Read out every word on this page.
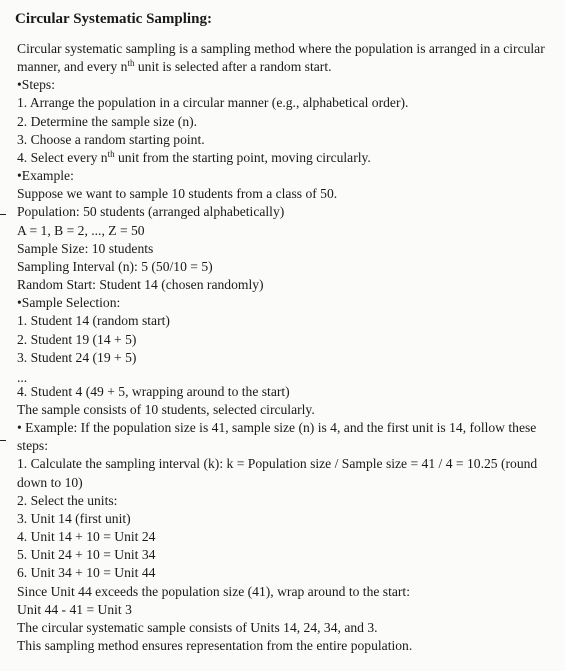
Circular Systematic Sampling:
Circular systematic sampling is a sampling method where the population is arranged in a circular
manner, and every $n^{th}$ unit is selected after a random start.
•Steps:
1. Arrange the population in a circular manner (e.g., alphabetical order).
2. Determine the sample size (n).
3. Choose a random starting point.
4. Select every $n^{th}$ unit from the starting point, moving circularly.
•Example:
Suppose we want to sample 10 students from a class of 50.
Population: 50 students (arranged alphabetically)
A = 1, B = 2, ..., Z = 50
Sample Size: 10 students
Sampling Interval (n): 5 (50/10 = 5)
Random Start: Student 14 (chosen randomly)
•Sample Selection:
1. Student 14 (random start)
2. Student 19 (14 + 5)
3. Student 24 (19 + 5)
...
4. Student 4 (49 + 5, wrapping around to the start)
The sample consists of 10 students, selected circularly.
• Example: If the population size is 41, sample size (n) is 4, and the first unit is 14, follow these
steps:
1. Calculate the sampling interval (k): k = Population size / Sample size = 41 / 4 = 10.25 (round
down to 10)
2. Select the units:
3. Unit 14 (first unit)
4. Unit 14 + 10 = Unit 24
5. Unit 24 + 10 = Unit 34
6. Unit 34 + 10 = Unit 44
Since Unit 44 exceeds the population size (41), wrap around to the start:
Unit 44 - 41 = Unit 3
The circular systematic sample consists of Units 14, 24, 34, and 3.
This sampling method ensures representation from the entire population.
